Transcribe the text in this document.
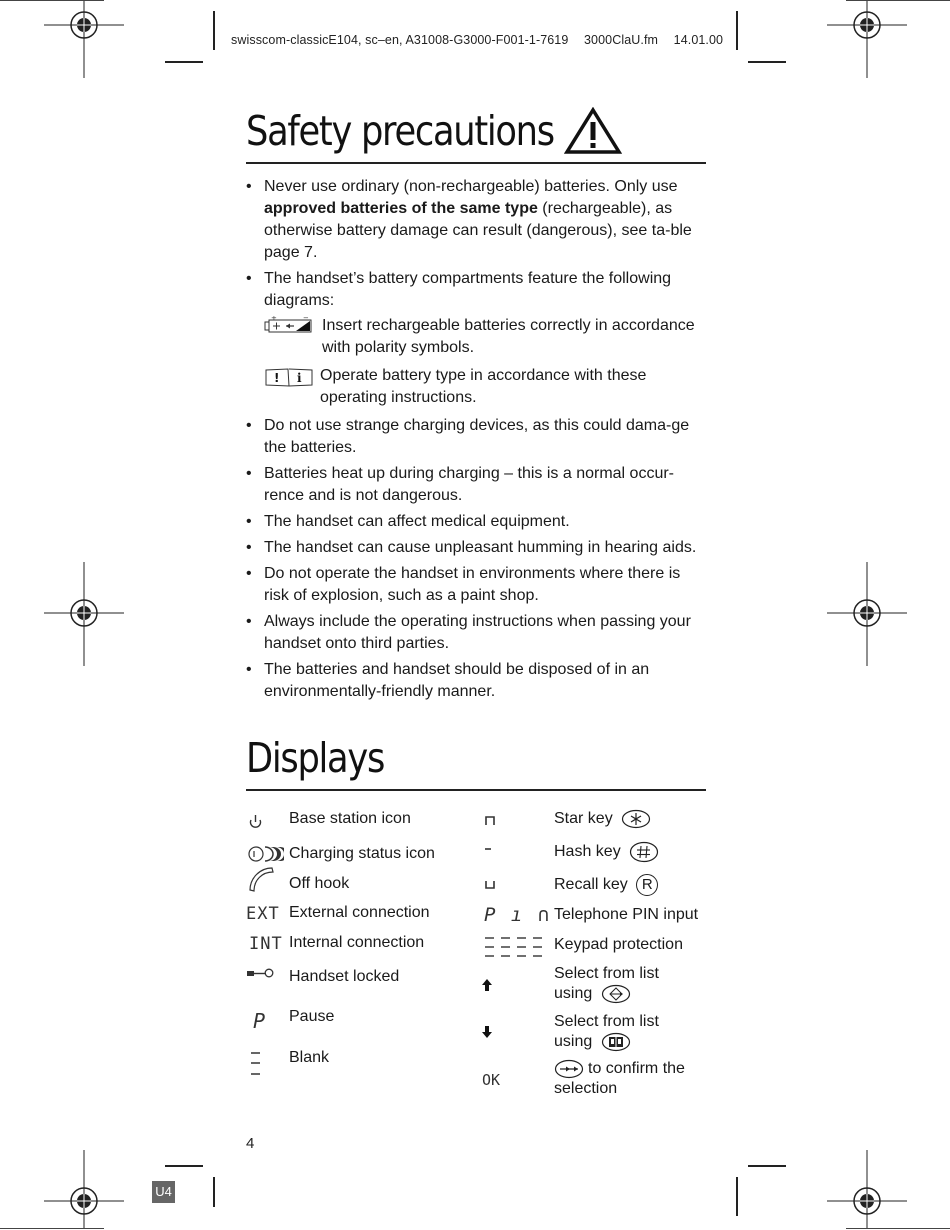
swisscom-classicE104, sc–en, A31008-G3000-F001-1-7619 3000ClaU.fm 14.01.00
Safety precautions
• Never use ordinary (non-rechargeable) batteries. Only use approved batteries of the same type (rechargeable), as otherwise battery damage can result (dangerous), see ta-ble page 7.
• The handset’s battery compartments feature the following diagrams:
+	− Insert rechargeable batteries correctly in accordance with polarity symbols.
! i Operate battery type in accordance with these operating instructions.
• Do not use strange charging devices, as this could dama-ge the batteries.
• Batteries heat up during charging – this is a normal occur-rence and is not dangerous.
• The handset can affect medical equipment.
• The handset can cause unpleasant humming in hearing aids.
• Do not operate the handset in environments where there is risk of explosion, such as a paint shop.
• Always include the operating instructions when passing your handset onto third parties.
• The batteries and handset should be disposed of in an environmentally-friendly manner.
Displays
Base station icon
Charging status icon
Off hook
EXT External connection
INT Internal connection
Handset locked
P Pause
Blank
Star key
Hash key
Recall key R
P ı ∩ Telephone PIN input
Keypad protection
Select from list
using
Select from list
using
OK
to confirm the
selection
4
U4
